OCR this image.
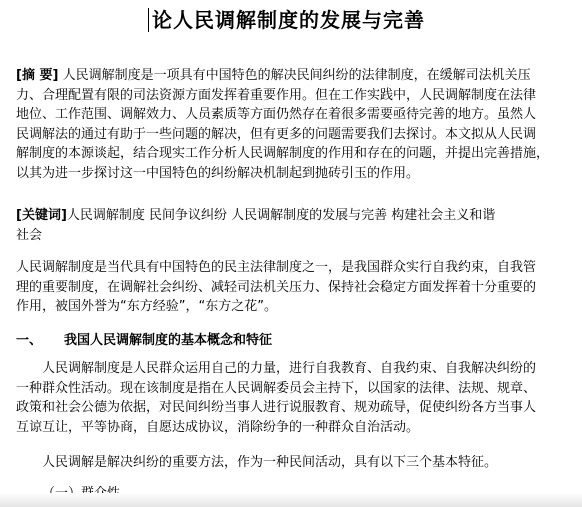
论人民调解制度的发展与完善
[摘 要] 人民调解制度是一项具有中国特色的解决民间纠纷的法律制度，在缓解司法机关压
力、合理配置有限的司法资源方面发挥着重要作用。但在工作实践中，人民调解制度在法律
地位、工作范围、调解效力、人员素质等方面仍然存在着很多需要亟待完善的地方。虽然人
民调解法的通过有助于一些问题的解决，但有更多的问题需要我们去探讨。本文拟从人民调
解制度的本源谈起，结合现实工作分析人民调解制度的作用和存在的问题，并提出完善措施，
以其为进一步探讨这一中国特色的纠纷解决机制起到抛砖引玉的作用。
[关键词]人民调解制度 民间争议纠纷 人民调解制度的发展与完善 构建社会主义和谐
社会
人民调解制度是当代具有中国特色的民主法律制度之一，是我国群众实行自我约束，自我管
理的重要制度，在调解社会纠纷、减轻司法机关压力、保持社会稳定方面发挥着十分重要的
作用，被国外誉为“东方经验”，“东方之花”。
一、 我国人民调解制度的基本概念和特征
人民调解制度是人民群众运用自己的力量，进行自我教育、自我约束、自我解决纠纷的
一种群众性活动。现在该制度是指在人民调解委员会主持下，以国家的法律、法规、规章、
政策和社会公德为依据，对民间纠纷当事人进行说服教育、规劝疏导，促使纠纷各方当事人
互谅互让，平等协商，自愿达成协议，消除纷争的一种群众自治活动。
人民调解是解决纠纷的重要方法，作为一种民间活动，具有以下三个基本特征。
